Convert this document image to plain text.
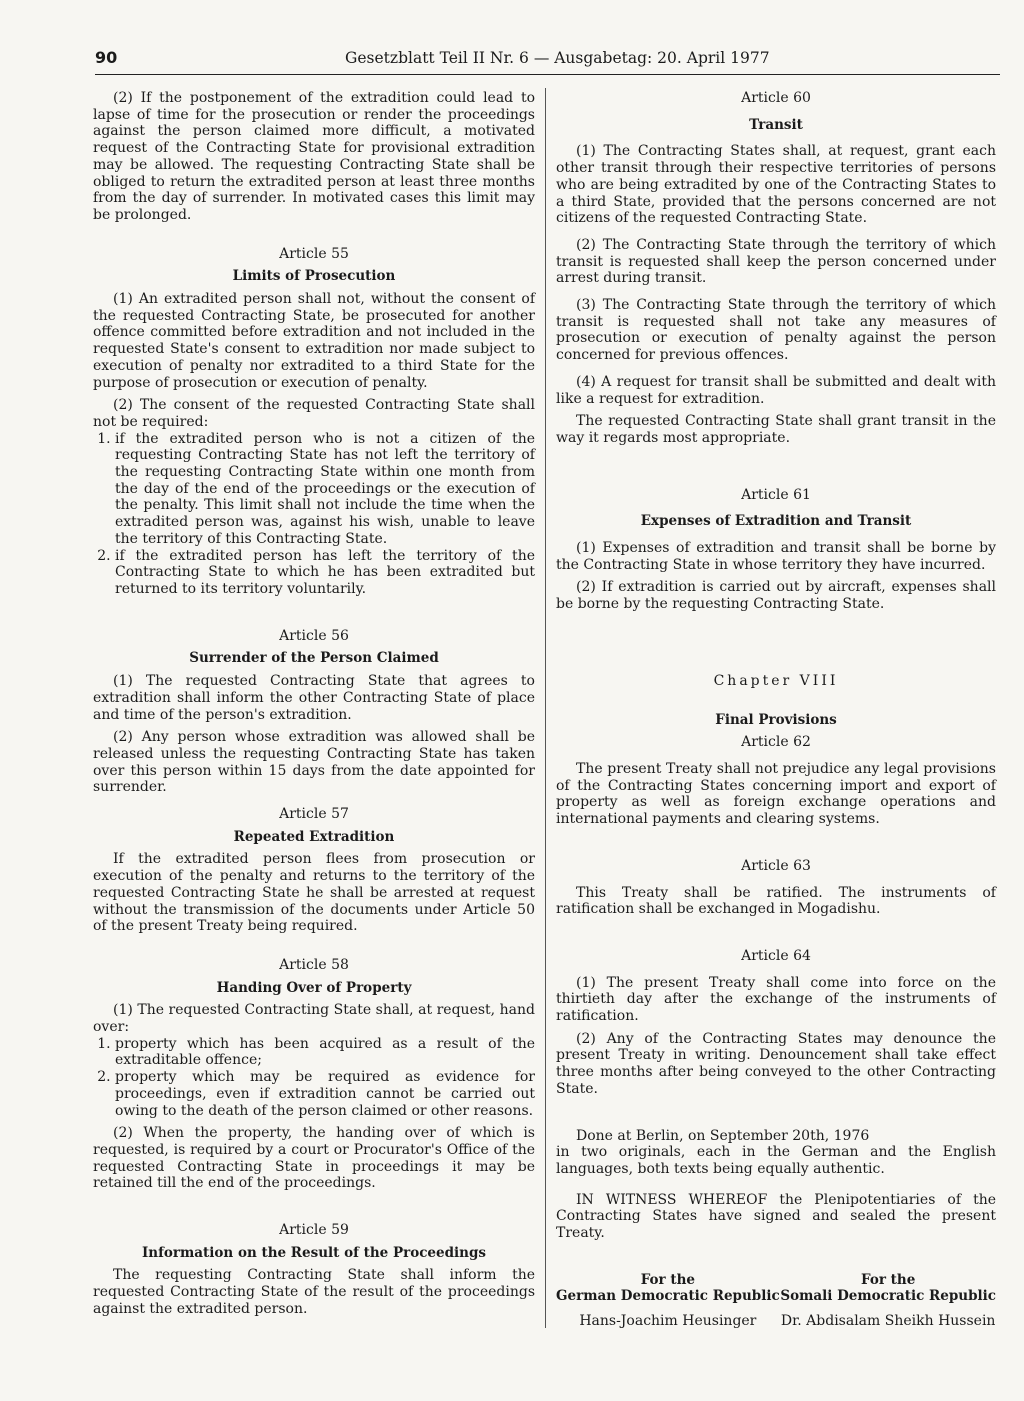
90	Gesetzblatt Teil II Nr. 6 — Ausgabetag: 20. April 1977

(2) If the postponement of the extradition could lead to lapse of time for the prosecution or render the proceedings against the person claimed more difficult, a motivated request of the Contracting State for provisional extradition may be allowed. The requesting Contracting State shall be obliged to return the extradited person at least three months from the day of surrender. In motivated cases this limit may be prolonged.

Article 55

Limits of Prosecution

(1) An extradited person shall not, without the consent of the requested Contracting State, be prosecuted for another offence committed before extradition and not included in the requested State's consent to extradition nor made subject to execution of penalty nor extradited to a third State for the purpose of prosecution or execution of penalty.

(2) The consent of the requested Contracting State shall not be required:

1. if the extradited person who is not a citizen of the requesting Contracting State has not left the territory of the requesting Contracting State within one month from the day of the end of the proceedings or the execution of the penalty. This limit shall not include the time when the extradited person was, against his wish, unable to leave the territory of this Contracting State.
2. if the extradited person has left the territory of the Contracting State to which he has been extradited but returned to its territory voluntarily.

Article 56

Surrender of the Person Claimed

(1) The requested Contracting State that agrees to extradition shall inform the other Contracting State of place and time of the person's extradition.

(2) Any person whose extradition was allowed shall be released unless the requesting Contracting State has taken over this person within 15 days from the date appointed for surrender.

Article 57

Repeated Extradition

If the extradited person flees from prosecution or execution of the penalty and returns to the territory of the requested Contracting State he shall be arrested at request without the transmission of the documents under Article 50 of the present Treaty being required.

Article 58

Handing Over of Property

(1) The requested Contracting State shall, at request, hand over:

1. property which has been acquired as a result of the extraditable offence;
2. property which may be required as evidence for proceedings, even if extradition cannot be carried out owing to the death of the person claimed or other reasons.

(2) When the property, the handing over of which is requested, is required by a court or Procurator's Office of the requested Contracting State in proceedings it may be retained till the end of the proceedings.

Article 59

Information on the Result of the Proceedings

The requesting Contracting State shall inform the requested Contracting State of the result of the proceedings against the extradited person.

Article 60

Transit

(1) The Contracting States shall, at request, grant each other transit through their respective territories of persons who are being extradited by one of the Contracting States to a third State, provided that the persons concerned are not citizens of the requested Contracting State.

(2) The Contracting State through the territory of which transit is requested shall keep the person concerned under arrest during transit.

(3) The Contracting State through the territory of which transit is requested shall not take any measures of prosecution or execution of penalty against the person concerned for previous offences.

(4) A request for transit shall be submitted and dealt with like a request for extradition.

The requested Contracting State shall grant transit in the way it regards most appropriate.

Article 61

Expenses of Extradition and Transit

(1) Expenses of extradition and transit shall be borne by the Contracting State in whose territory they have incurred.

(2) If extradition is carried out by aircraft, expenses shall be borne by the requesting Contracting State.

Chapter VIII

Final Provisions

Article 62

The present Treaty shall not prejudice any legal provisions of the Contracting States concerning import and export of property as well as foreign exchange operations and international payments and clearing systems.

Article 63

This Treaty shall be ratified. The instruments of ratification shall be exchanged in Mogadishu.

Article 64

(1) The present Treaty shall come into force on the thirtieth day after the exchange of the instruments of ratification.

(2) Any of the Contracting States may denounce the present Treaty in writing. Denouncement shall take effect three months after being conveyed to the other Contracting State.

Done at Berlin, on September 20th, 1976

in two originals, each in the German and the English languages, both texts being equally authentic.

IN WITNESS WHEREOF the Plenipotentiaries of the Contracting States have signed and sealed the present Treaty.

For the
German Democratic Republic
Hans-Joachim Heusinger
For the
Somali Democratic Republic
Dr. Abdisalam Sheikh Hussein
